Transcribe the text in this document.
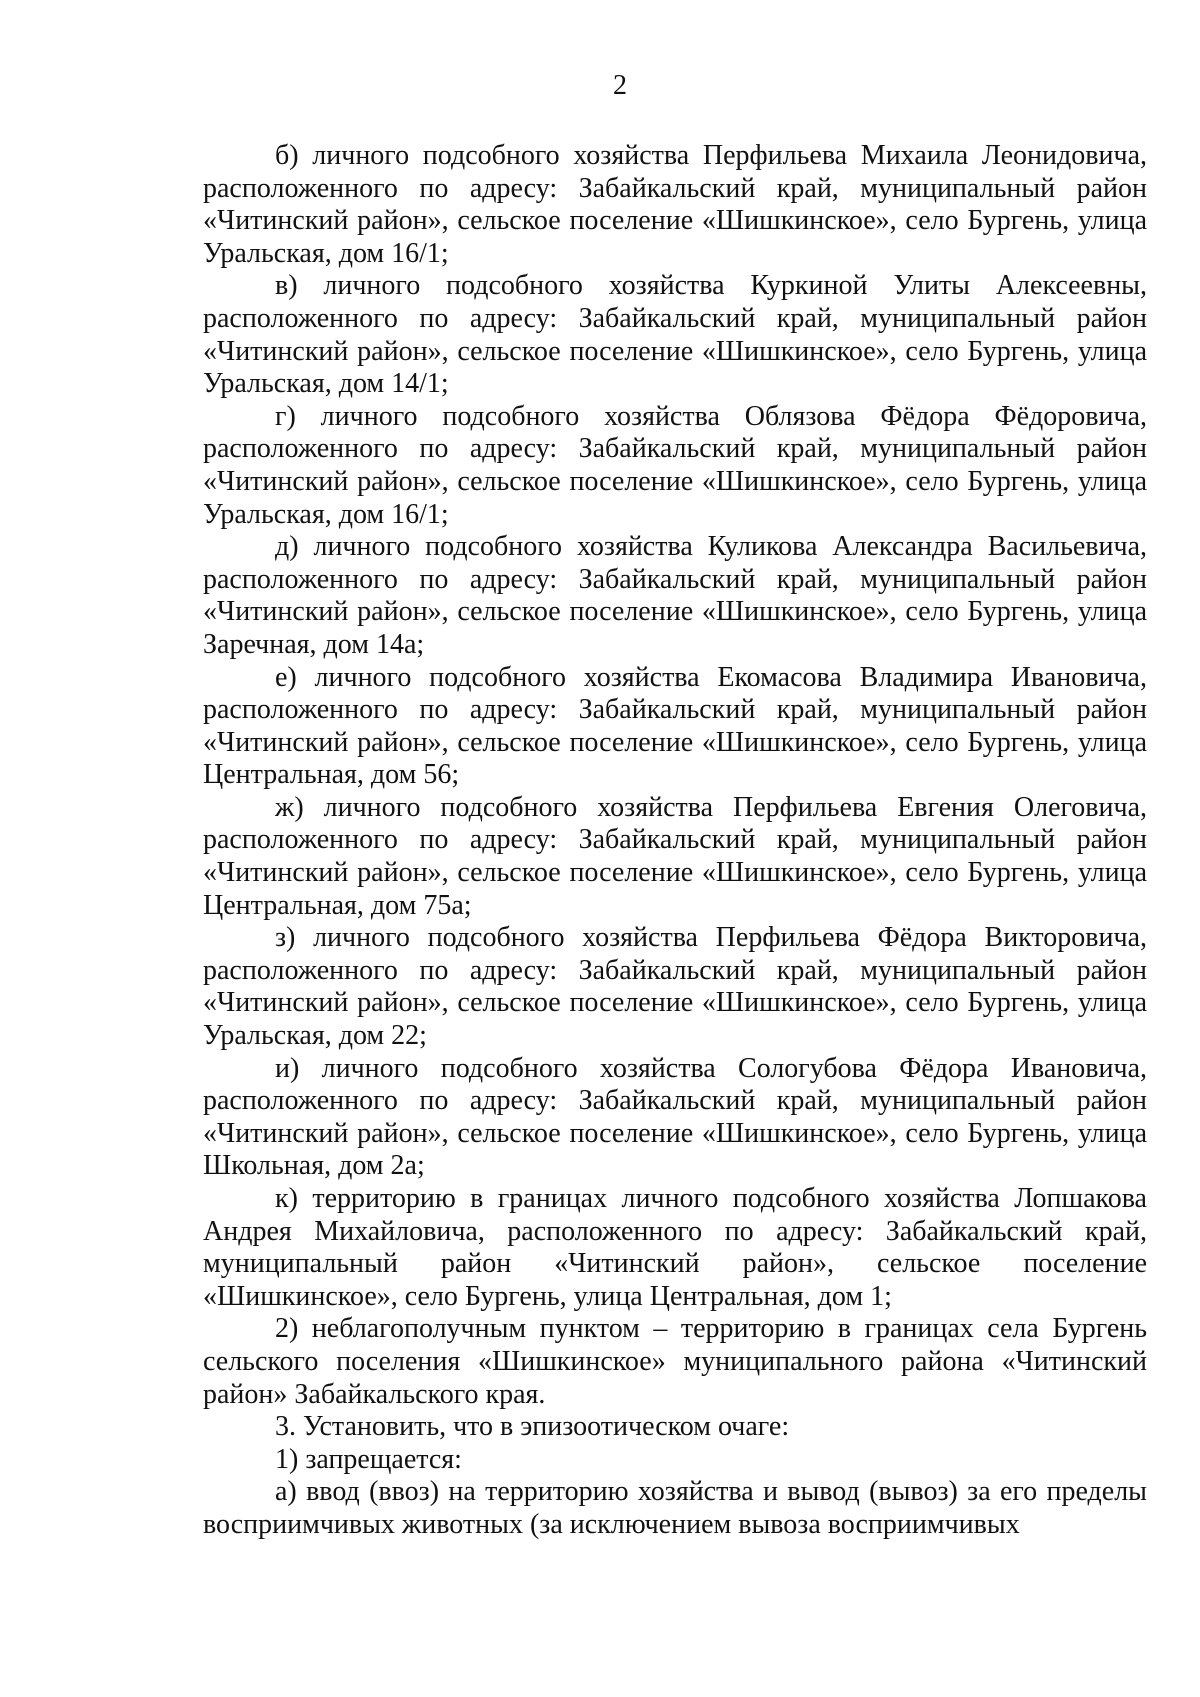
2

б) личного подсобного хозяйства Перфильева Михаила Леонидовича, расположенного по адресу: Забайкальский край, муниципальный район «Читинский район», сельское поселение «Шишкинское», село Бургень, улица Уральская, дом 16/1;

в) личного подсобного хозяйства Куркиной Улиты Алексеевны, расположенного по адресу: Забайкальский край, муниципальный район «Читинский район», сельское поселение «Шишкинское», село Бургень, улица Уральская, дом 14/1;

г) личного подсобного хозяйства Облязова Фёдора Фёдоровича, расположенного по адресу: Забайкальский край, муниципальный район «Читинский район», сельское поселение «Шишкинское», село Бургень, улица Уральская, дом 16/1;

д) личного подсобного хозяйства Куликова Александра Васильевича, расположенного по адресу: Забайкальский край, муниципальный район «Читинский район», сельское поселение «Шишкинское», село Бургень, улица Заречная, дом 14а;

е) личного подсобного хозяйства Екомасова Владимира Ивановича, расположенного по адресу: Забайкальский край, муниципальный район «Читинский район», сельское поселение «Шишкинское», село Бургень, улица Центральная, дом 56;

ж) личного подсобного хозяйства Перфильева Евгения Олеговича, расположенного по адресу: Забайкальский край, муниципальный район «Читинский район», сельское поселение «Шишкинское», село Бургень, улица Центральная, дом 75а;

з) личного подсобного хозяйства Перфильева Фёдора Викторовича, расположенного по адресу: Забайкальский край, муниципальный район «Читинский район», сельское поселение «Шишкинское», село Бургень, улица Уральская, дом 22;

и) личного подсобного хозяйства Сологубова Фёдора Ивановича, расположенного по адресу: Забайкальский край, муниципальный район «Читинский район», сельское поселение «Шишкинское», село Бургень, улица Школьная, дом 2а;

к) территорию в границах личного подсобного хозяйства Лопшакова Андрея Михайловича, расположенного по адресу: Забайкальский край, муниципальный район «Читинский район», сельское поселение «Шишкинское», село Бургень, улица Центральная, дом 1;

2) неблагополучным пунктом – территорию в границах села Бургень сельского поселения «Шишкинское» муниципального района «Читинский район» Забайкальского края.

3. Установить, что в эпизоотическом очаге:

1) запрещается:

а) ввод (ввоз) на территорию хозяйства и вывод (вывоз) за его пределы восприимчивых животных (за исключением вывоза восприимчивых
